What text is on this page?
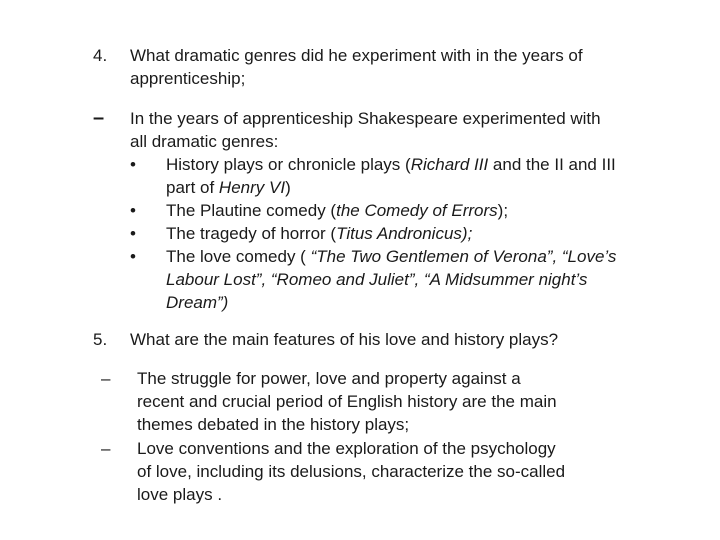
4. What dramatic genres did he experiment with in the years of
apprenticeship;
– In the years of apprenticeship Shakespeare experimented with
all dramatic genres:
• History plays or chronicle plays (Richard III and the II and III
part of Henry VI)
• The Plautine comedy (the Comedy of Errors);
• The tragedy of horror (Titus Andronicus);
• The love comedy ( “The Two Gentlemen of Verona”, “Love’s
Labour Lost”, “Romeo and Juliet”, “A Midsummer night’s
Dream”)
5. What are the main features of his love and history plays?
– The struggle for power, love and property against a
recent and crucial period of English history are the main
themes debated in the history plays;
– Love conventions and the exploration of the psychology
of love, including its delusions, characterize the so-called
love plays .
